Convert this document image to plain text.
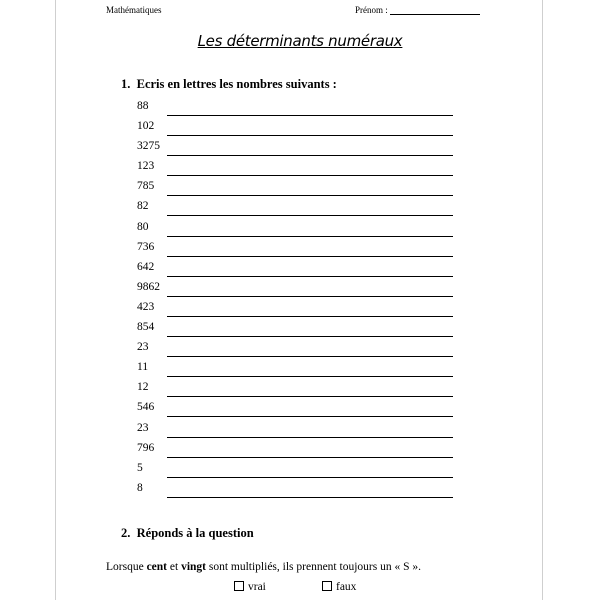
Mathématiques	Prénom :
Les déterminants numéraux
1. Ecris en lettres les nombres suivants :
88
102
3275
123
785
82
80
736
642
9862
423
854
23
11
12
546
23
796
5
8
2. Réponds à la question
Lorsque cent et vingt sont multipliés, ils prennent toujours un « S ».
vrai	faux
